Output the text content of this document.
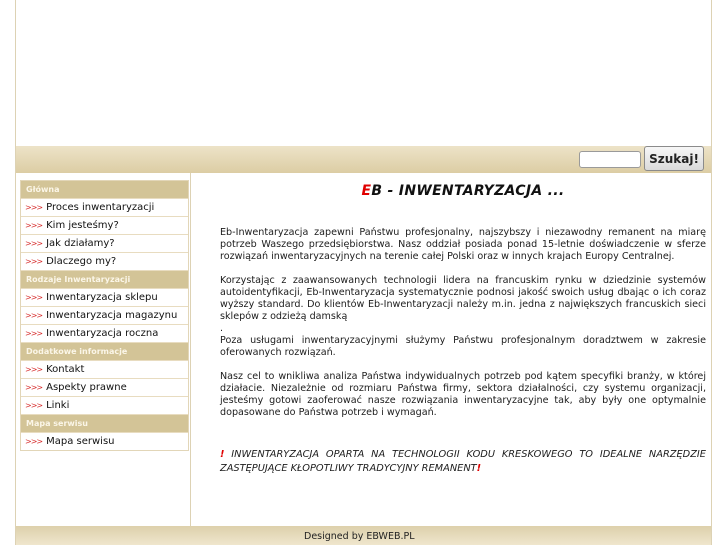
Szukaj!
Główna
>>> Proces inwentaryzacji
>>> Kim jesteśmy?
>>> Jak działamy?
>>> Dlaczego my?
Rodzaje Inwentaryzacji
>>> Inwentaryzacja sklepu
>>> Inwentaryzacja magazynu
>>> Inwentaryzacja roczna
Dodatkowe informacje
>>> Kontakt
>>> Aspekty prawne
>>> Linki
Mapa serwisu
>>> Mapa serwisu
EB - INWENTARYZACJA ...

Eb-Inwentaryzacja zapewni Państwu profesjonalny, najszybszy i niezawodny remanent na miarę potrzeb Waszego przedsiębiorstwa. Nasz oddział posiada ponad 15-letnie doświadczenie w sferze rozwiązań inwentaryzacyjnych na terenie całej Polski oraz w innych krajach Europy Centralnej.

Korzystając z zaawansowanych technologii lidera na francuskim rynku w dziedzinie systemów autoidentyfikacji, Eb-Inwentaryzacja systematycznie podnosi jakość swoich usług dbając o ich coraz wyższy standard. Do klientów Eb-Inwentaryzacji należy m.in. jedna z największych francuskich sieci sklepów z odzieżą damską

.

Poza usługami inwentaryzacyjnymi służymy Państwu profesjonalnym doradztwem w zakresie oferowanych rozwiązań.

Nasz cel to wnikliwa analiza Państwa indywidualnych potrzeb pod kątem specyfiki branży, w której działacie. Niezależnie od rozmiaru Państwa firmy, sektora działalności, czy systemu organizacji, jesteśmy gotowi zaoferować nasze rozwiązania inwentaryzacyjne tak, aby były one optymalnie dopasowane do Państwa potrzeb i wymagań.

! INWENTARYZACJA OPARTA NA TECHNOLOGII KODU KRESKOWEGO TO IDEALNE NARZĘDZIE ZASTĘPUJĄCE KŁOPOTLIWY TRADYCYJNY REMANENT!
Designed by EBWEB.PL
